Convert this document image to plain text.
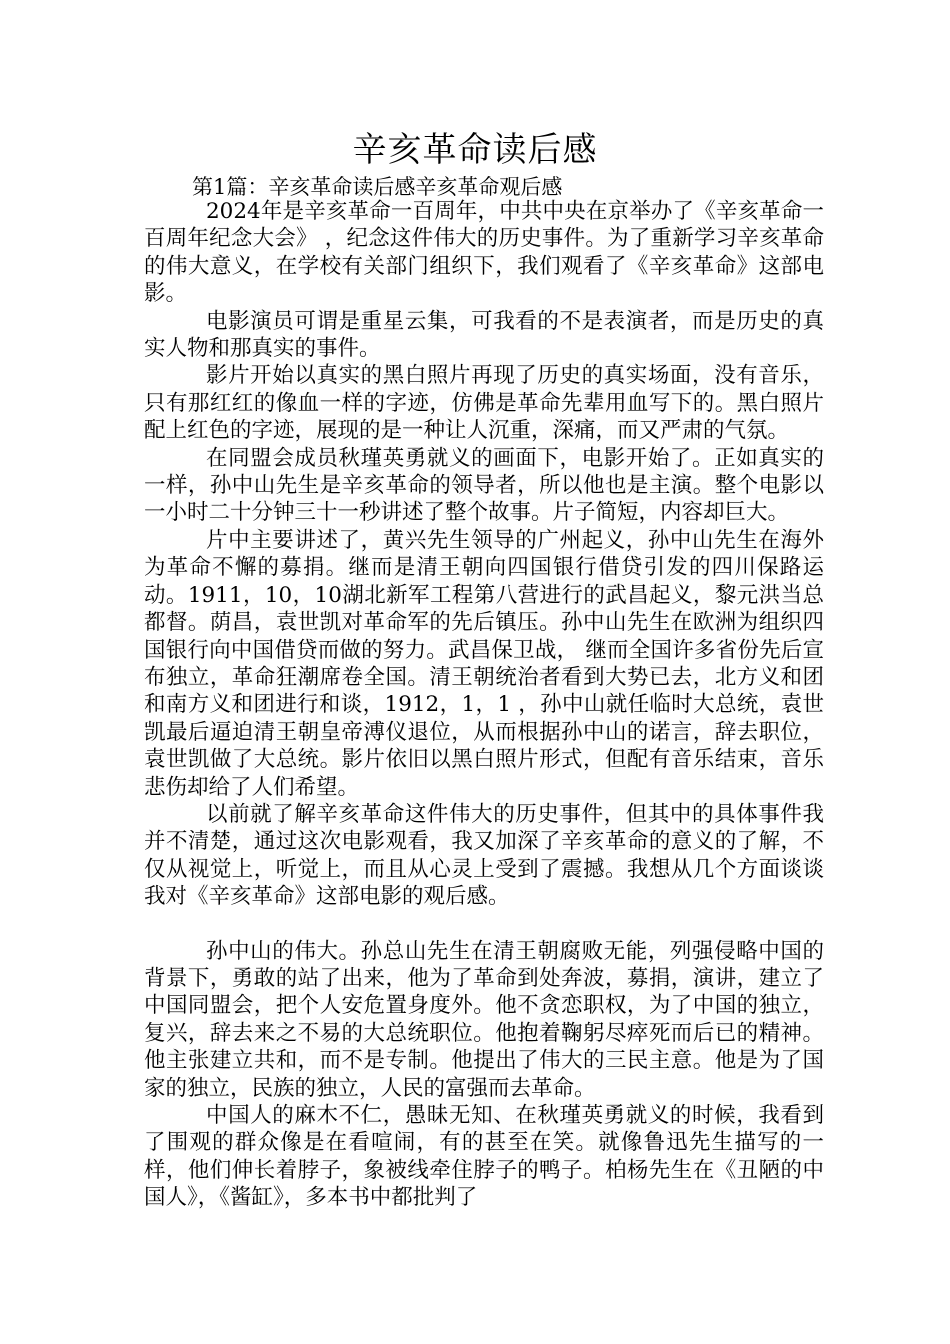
辛亥革命读后感
第1篇：辛亥革命读后感辛亥革命观后感

2024年是辛亥革命一百周年，中共中央在京举办了《辛亥革命一百周年纪念大会》 ，纪念这件伟大的历史事件。为了重新学习辛亥革命的伟大意义，在学校有关部门组织下，我们观看了《辛亥革命》这部电影。

电影演员可谓是重星云集，可我看的不是表演者，而是历史的真实人物和那真实的事件。

影片开始以真实的黑白照片再现了历史的真实场面，没有音乐，只有那红红的像血一样的字迹，仿佛是革命先辈用血写下的。黑白照片配上红色的字迹，展现的是一种让人沉重，深痛，而又严肃的气氛。

在同盟会成员秋瑾英勇就义的画面下，电影开始了。正如真实的一样，孙中山先生是辛亥革命的领导者，所以他也是主演。整个电影以一小时二十分钟三十一秒讲述了整个故事。片子简短，内容却巨大。

片中主要讲述了，黄兴先生领导的广州起义，孙中山先生在海外为革命不懈的募捐。继而是清王朝向四国银行借贷引发的四川保路运动。1911，10，10湖北新军工程第八营进行的武昌起义，黎元洪当总都督。荫昌，袁世凯对革命军的先后镇压。孙中山先生在欧洲为组织四国银行向中国借贷而做的努力。武昌保卫战， 继而全国许多省份先后宣布独立，革命狂潮席卷全国。清王朝统治者看到大势已去，北方义和团和南方义和团进行和谈，1912，1，1 ，孙中山就任临时大总统，袁世凯最后逼迫清王朝皇帝溥仪退位，从而根据孙中山的诺言，辞去职位，袁世凯做了大总统。影片依旧以黑白照片形式，但配有音乐结束，音乐悲伤却给了人们希望。

以前就了解辛亥革命这件伟大的历史事件，但其中的具体事件我并不清楚，通过这次电影观看，我又加深了辛亥革命的意义的了解，不仅从视觉上，听觉上，而且从心灵上受到了震撼。我想从几个方面谈谈我对《辛亥革命》这部电影的观后感。

孙中山的伟大。孙总山先生在清王朝腐败无能，列强侵略中国的背景下，勇敢的站了出来，他为了革命到处奔波，募捐，演讲，建立了中国同盟会，把个人安危置身度外。他不贪恋职权，为了中国的独立，复兴，辞去来之不易的大总统职位。他抱着鞠躬尽瘁死而后已的精神。他主张建立共和，而不是专制。他提出了伟大的三民主意。他是为了国家的独立，民族的独立，人民的富强而去革命。

中国人的麻木不仁，愚昧无知、在秋瑾英勇就义的时候，我看到了围观的群众像是在看喧闹，有的甚至在笑。就像鲁迅先生描写的一样，他们伸长着脖子，象被线牵住脖子的鸭子。柏杨先生在《丑陋的中国人》，《酱缸》，多本书中都批判了
